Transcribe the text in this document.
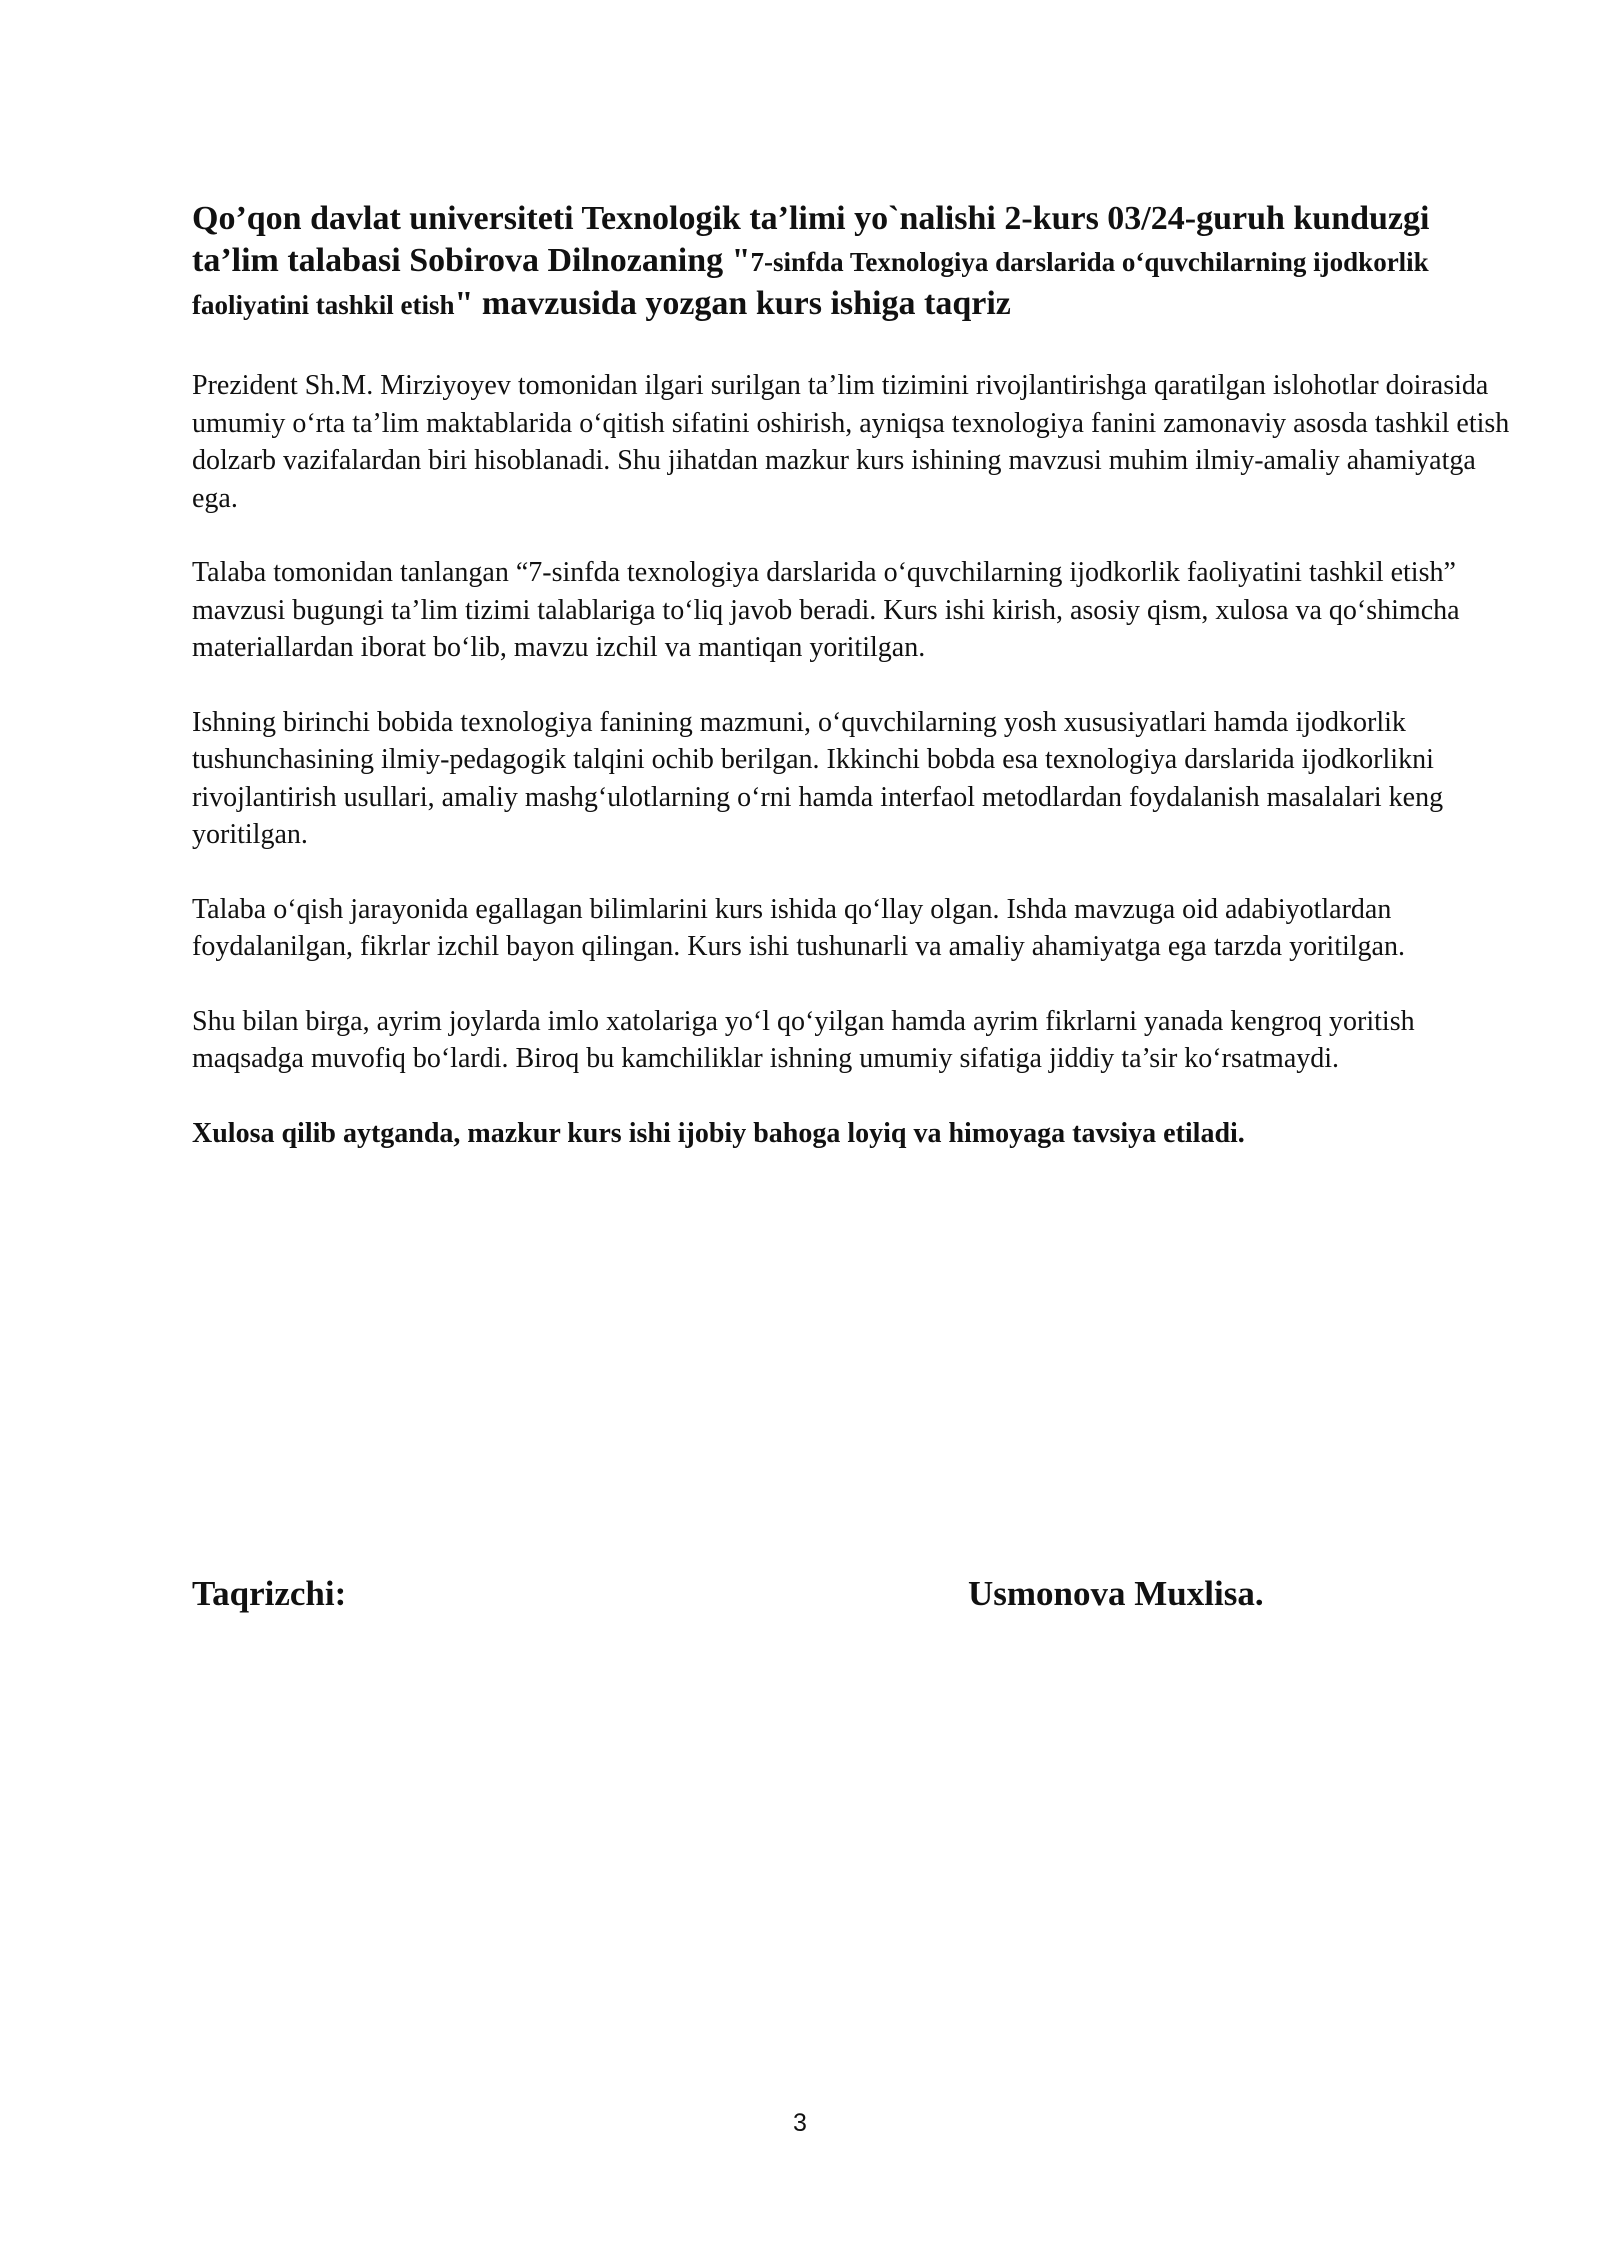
Qo’qon davlat universiteti Texnologik ta’limi yo`nalishi 2-kurs 03/24-guruh kunduzgi ta’lim talabasi Sobirova Dilnozaning "7-sinfda Texnologiya darslarida o‘quvchilarning ijodkorlik faoliyatini tashkil etish" mavzusida yozgan kurs ishiga taqriz

Prezident Sh.M. Mirziyoyev tomonidan ilgari surilgan ta’lim tizimini rivojlantirishga qaratilgan islohotlar doirasida umumiy o‘rta ta’lim maktablarida o‘qitish sifatini oshirish, ayniqsa texnologiya fanini zamonaviy asosda tashkil etish dolzarb vazifalardan biri hisoblanadi. Shu jihatdan mazkur kurs ishining mavzusi muhim ilmiy-amaliy ahamiyatga ega.

Talaba tomonidan tanlangan “7-sinfda texnologiya darslarida o‘quvchilarning ijodkorlik faoliyatini tashkil etish” mavzusi bugungi ta’lim tizimi talablariga to‘liq javob beradi. Kurs ishi kirish, asosiy qism, xulosa va qo‘shimcha materiallardan iborat bo‘lib, mavzu izchil va mantiqan yoritilgan.

Ishning birinchi bobida texnologiya fanining mazmuni, o‘quvchilarning yosh xususiyatlari hamda ijodkorlik tushunchasining ilmiy-pedagogik talqini ochib berilgan. Ikkinchi bobda esa texnologiya darslarida ijodkorlikni rivojlantirish usullari, amaliy mashg‘ulotlarning o‘rni hamda interfaol metodlardan foydalanish masalalari keng yoritilgan.

Talaba o‘qish jarayonida egallagan bilimlarini kurs ishida qo‘llay olgan. Ishda mavzuga oid adabiyotlardan foydalanilgan, fikrlar izchil bayon qilingan. Kurs ishi tushunarli va amaliy ahamiyatga ega tarzda yoritilgan.

Shu bilan birga, ayrim joylarda imlo xatolariga yo‘l qo‘yilgan hamda ayrim fikrlarni yanada kengroq yoritish maqsadga muvofiq bo‘lardi. Biroq bu kamchiliklar ishning umumiy sifatiga jiddiy ta’sir ko‘rsatmaydi.

Xulosa qilib aytganda, mazkur kurs ishi ijobiy bahoga loyiq va himoyaga tavsiya etiladi.

Taqrizchi:	Usmonova Muxlisa.

3
